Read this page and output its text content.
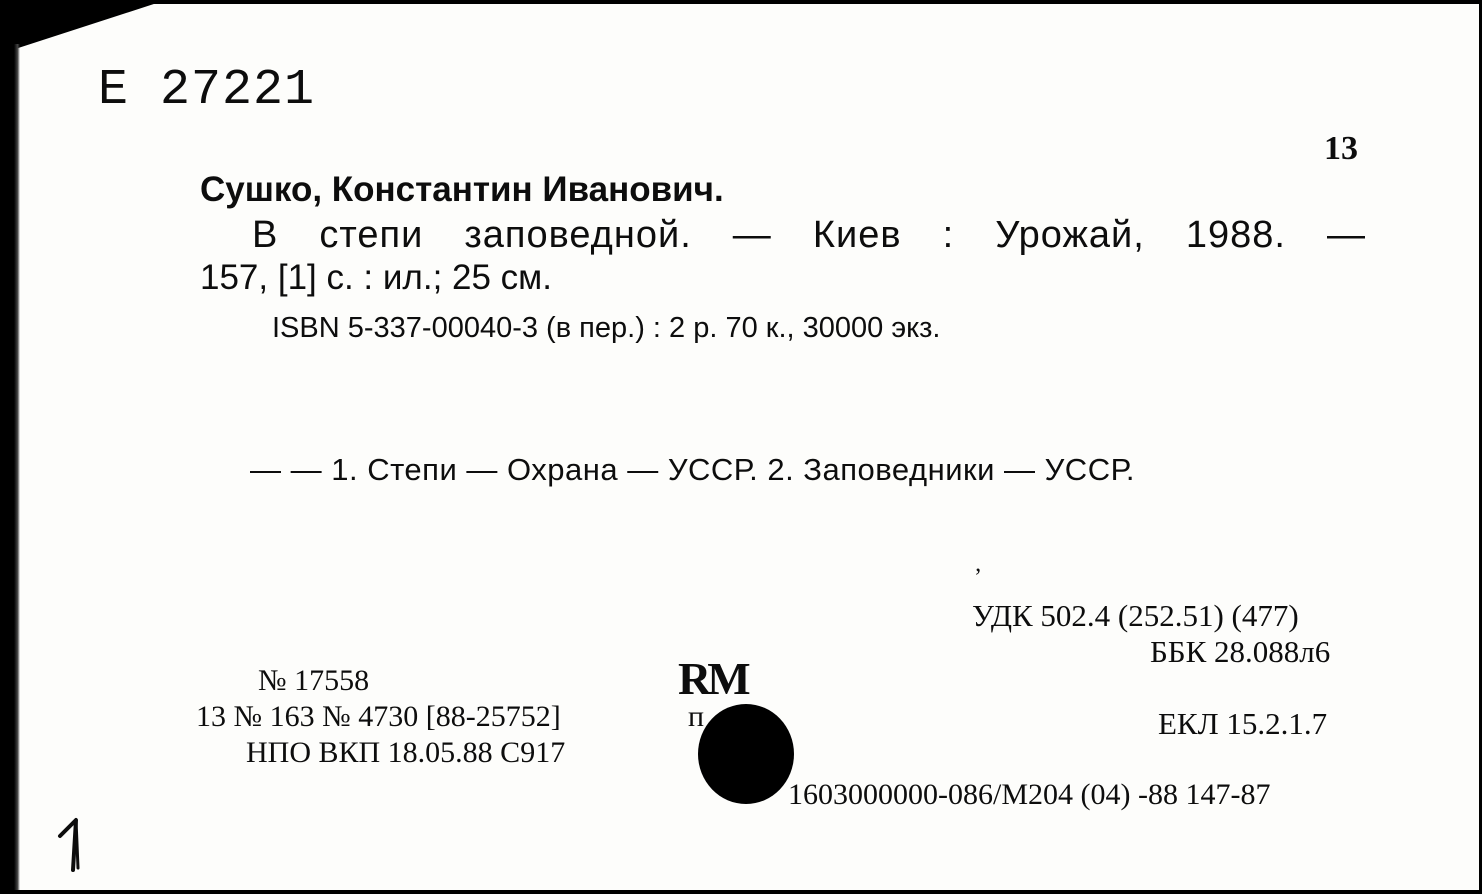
Е 27221
13
Сушко, Константин Иванович.
В степи заповедной. — Киев : Урожай, 1988. —
157, [1] с. : ил.; 25 см.
ISBN 5-337-00040-3 (в пер.) : 2 р. 70 к., 30000 экз.
— — 1. Степи — Охрана — УССР. 2. Заповедники — УССР.
‚
УДК 502.4 (252.51) (477)
ББК 28.088л6
ЕКЛ 15.2.1.7
RM
№ 17558
13 № 163 № 4730 [88-25752]	п
НПО ВКП 18.05.88 С917
1603000000-086/М204 (04) -88 147-87
